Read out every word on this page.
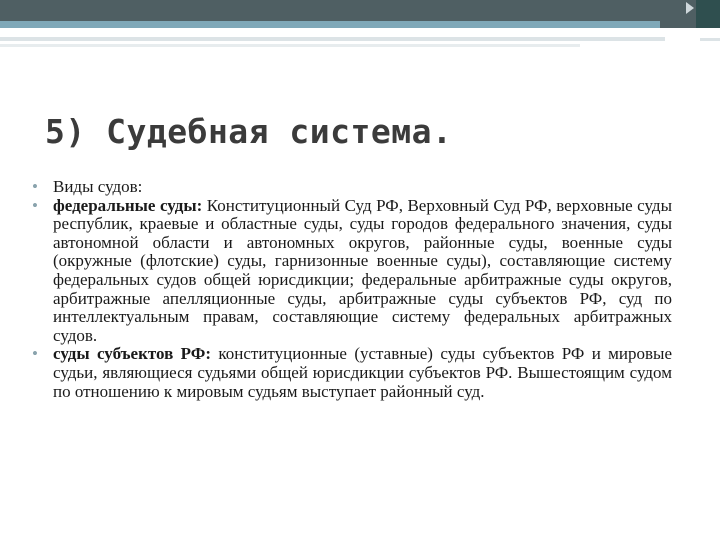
5) Судебная система.
• Виды судов:
• федеральные суды: Конституционный Суд РФ, Верховный Суд РФ, верховные суды республик, краевые и областные суды, суды городов федерального значения, суды автономной области и автономных округов, районные суды, военные суды (окружные (флотские) суды, гарнизонные военные суды), составляющие систему федеральных судов общей юрисдикции; федеральные арбитражные суды округов, арбитражные апелляционные суды, арбитражные суды субъектов РФ, суд по интеллектуальным правам, составляющие систему федеральных арбитражных судов.
• суды субъектов РФ: конституционные (уставные) суды субъектов РФ и мировые судьи, являющиеся судьями общей юрисдикции субъектов РФ. Вышестоящим судом по отношению к мировым судьям выступает районный суд.
